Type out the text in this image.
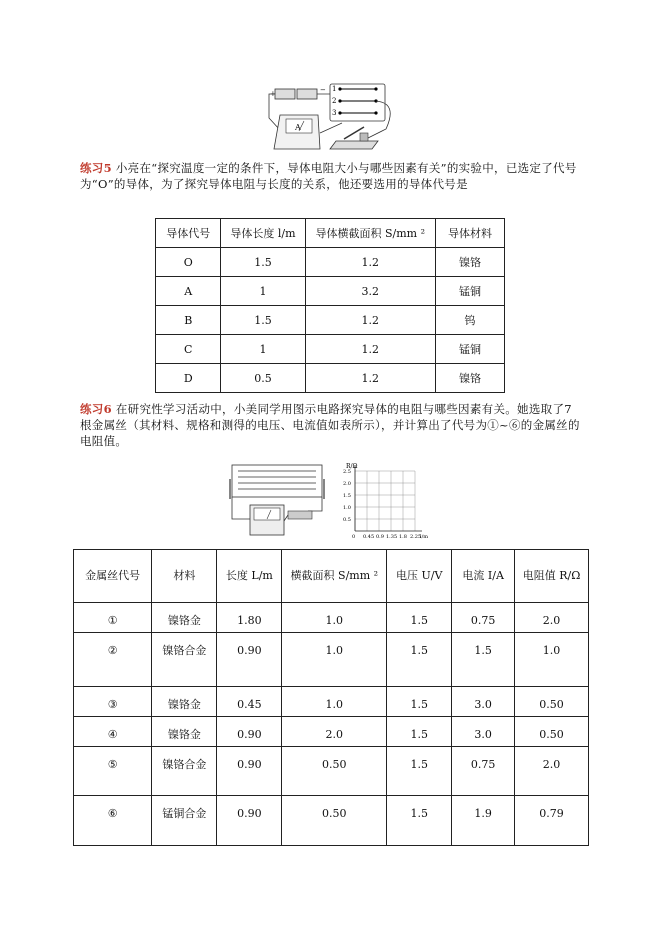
+	− 1
2
3
A
练习5 小亮在“探究温度一定的条件下，导体电阻大小与哪些因素有关”的实验中，已选定了代号为“O”的导体，为了探究导体电阻与长度的关系，他还要选用的导体代号是
导体代号	导体长度 l/m	导体横截面积 S/mm ²	导体材料
O	1.5	1.2	镍铬
A	1	3.2	锰铜
B	1.5	1.2	钨
C	1	1.2	锰铜
D	0.5	1.2	镍铬
练习6 在研究性学习活动中，小美同学用图示电路探究导体的电阻与哪些因素有关。她选取了7根金属丝（其材料、规格和测得的电压、电流值如表所示），并计算出了代号为①~⑥的金属丝的电阻值。
R/Ω
2.5
2.0
1.5
1.0
0.5
0 0.45 0.9 1.35 1.8 2.25
l/m
金属丝代号	材料	长度 L/m	横截面积 S/mm ²	电压 U/V	电流 I/A	电阻值 R/Ω
①	镍铬金	1.80	1.0	1.5	0.75	2.0
②	镍铬合金	0.90	1.0	1.5	1.5	1.0
③	镍铬金	0.45	1.0	1.5	3.0	0.50
④	镍铬金	0.90	2.0	1.5	3.0	0.50
⑤	镍铬合金	0.90	0.50	1.5	0.75	2.0
⑥	锰铜合金	0.90	0.50	1.5	1.9	0.79
